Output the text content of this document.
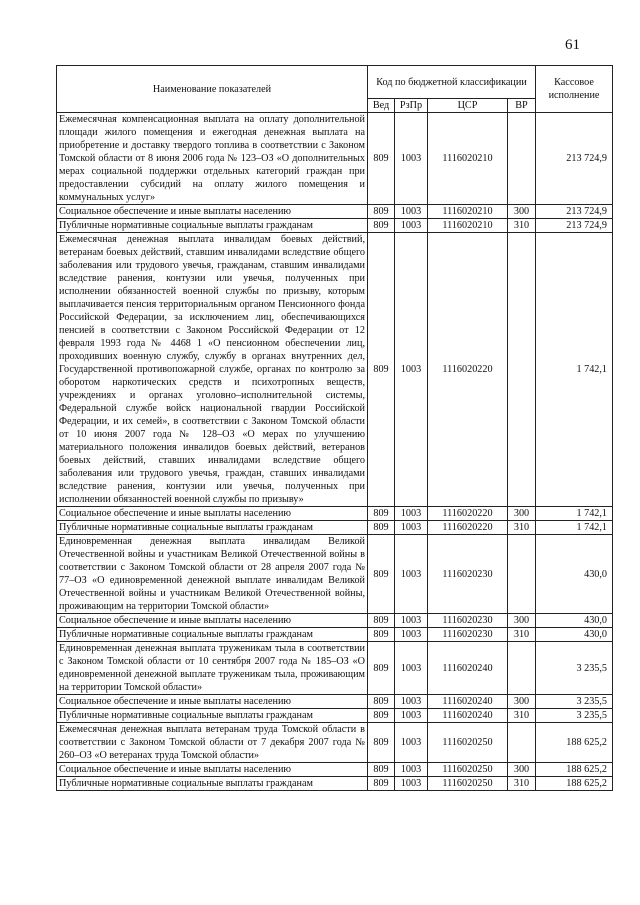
61
Наименование показателей	Код по бюджетной классификации				Кассовое исполнение
	Вед	РзПр	ЦСР	ВР	
Ежемесячная компенсационная выплата на оплату дополнительной площади жилого помещения и ежегодная денежная выплата на приобретение и доставку твердого топлива в соответствии с Законом Томской области от 8 июня 2006 года № 123–ОЗ «О дополнительных мерах социальной поддержки отдельных категорий граждан при предоставлении субсидий на оплату жилого помещения и коммунальных услуг»	809	1003	1116020210		213 724,9
Социальное обеспечение и иные выплаты населению	809	1003	1116020210	300	213 724,9
Публичные нормативные социальные выплаты гражданам	809	1003	1116020210	310	213 724,9
Ежемесячная денежная выплата инвалидам боевых действий, ветеранам боевых действий, ставшим инвалидами вследствие общего заболевания или трудового увечья, гражданам, ставшим инвалидами вследствие ранения, контузии или увечья, полученных при исполнении обязанностей военной службы по призыву, которым выплачивается пенсия территориальным органом Пенсионного фонда Российской Федерации, за исключением лиц, обеспечивающихся пенсией в соответствии с Законом Российской Федерации от 12 февраля 1993 года № 4468 1 «О пенсионном обеспечении лиц, проходивших военную службу, службу в органах внутренних дел, Государственной противопожарной службе, органах по контролю за оборотом наркотических средств и психотропных веществ, учреждениях и органах уголовно–исполнительной системы, Федеральной службе войск национальной гвардии Российской Федерации, и их семей», в соответствии с Законом Томской области от 10 июня 2007 года № 128–ОЗ «О мерах по улучшению материального положения инвалидов боевых действий, ветеранов боевых действий, ставших инвалидами вследствие общего заболевания или трудового увечья, граждан, ставших инвалидами вследствие ранения, контузии или увечья, полученных при исполнении обязанностей военной службы по призыву»	809	1003	1116020220		1 742,1
Социальное обеспечение и иные выплаты населению	809	1003	1116020220	300	1 742,1
Публичные нормативные социальные выплаты гражданам	809	1003	1116020220	310	1 742,1
Единовременная денежная выплата инвалидам Великой Отечественной войны и участникам Великой Отечественной войны в соответствии с Законом Томской области от 28 апреля 2007 года № 77–ОЗ «О единовременной денежной выплате инвалидам Великой Отечественной войны и участникам Великой Отечественной войны, проживающим на территории Томской области»	809	1003	1116020230		430,0
Социальное обеспечение и иные выплаты населению	809	1003	1116020230	300	430,0
Публичные нормативные социальные выплаты гражданам	809	1003	1116020230	310	430,0
Единовременная денежная выплата труженикам тыла в соответствии с Законом Томской области от 10 сентября 2007 года № 185–ОЗ «О единовременной денежной выплате труженикам тыла, проживающим на территории Томской области»	809	1003	1116020240		3 235,5
Социальное обеспечение и иные выплаты населению	809	1003	1116020240	300	3 235,5
Публичные нормативные социальные выплаты гражданам	809	1003	1116020240	310	3 235,5
Ежемесячная денежная выплата ветеранам труда Томской области в соответствии с Законом Томской области от 7 декабря 2007 года № 260–ОЗ «О ветеранах труда Томской области»	809	1003	1116020250		188 625,2
Социальное обеспечение и иные выплаты населению	809	1003	1116020250	300	188 625,2
Публичные нормативные социальные выплаты гражданам	809	1003	1116020250	310	188 625,2
